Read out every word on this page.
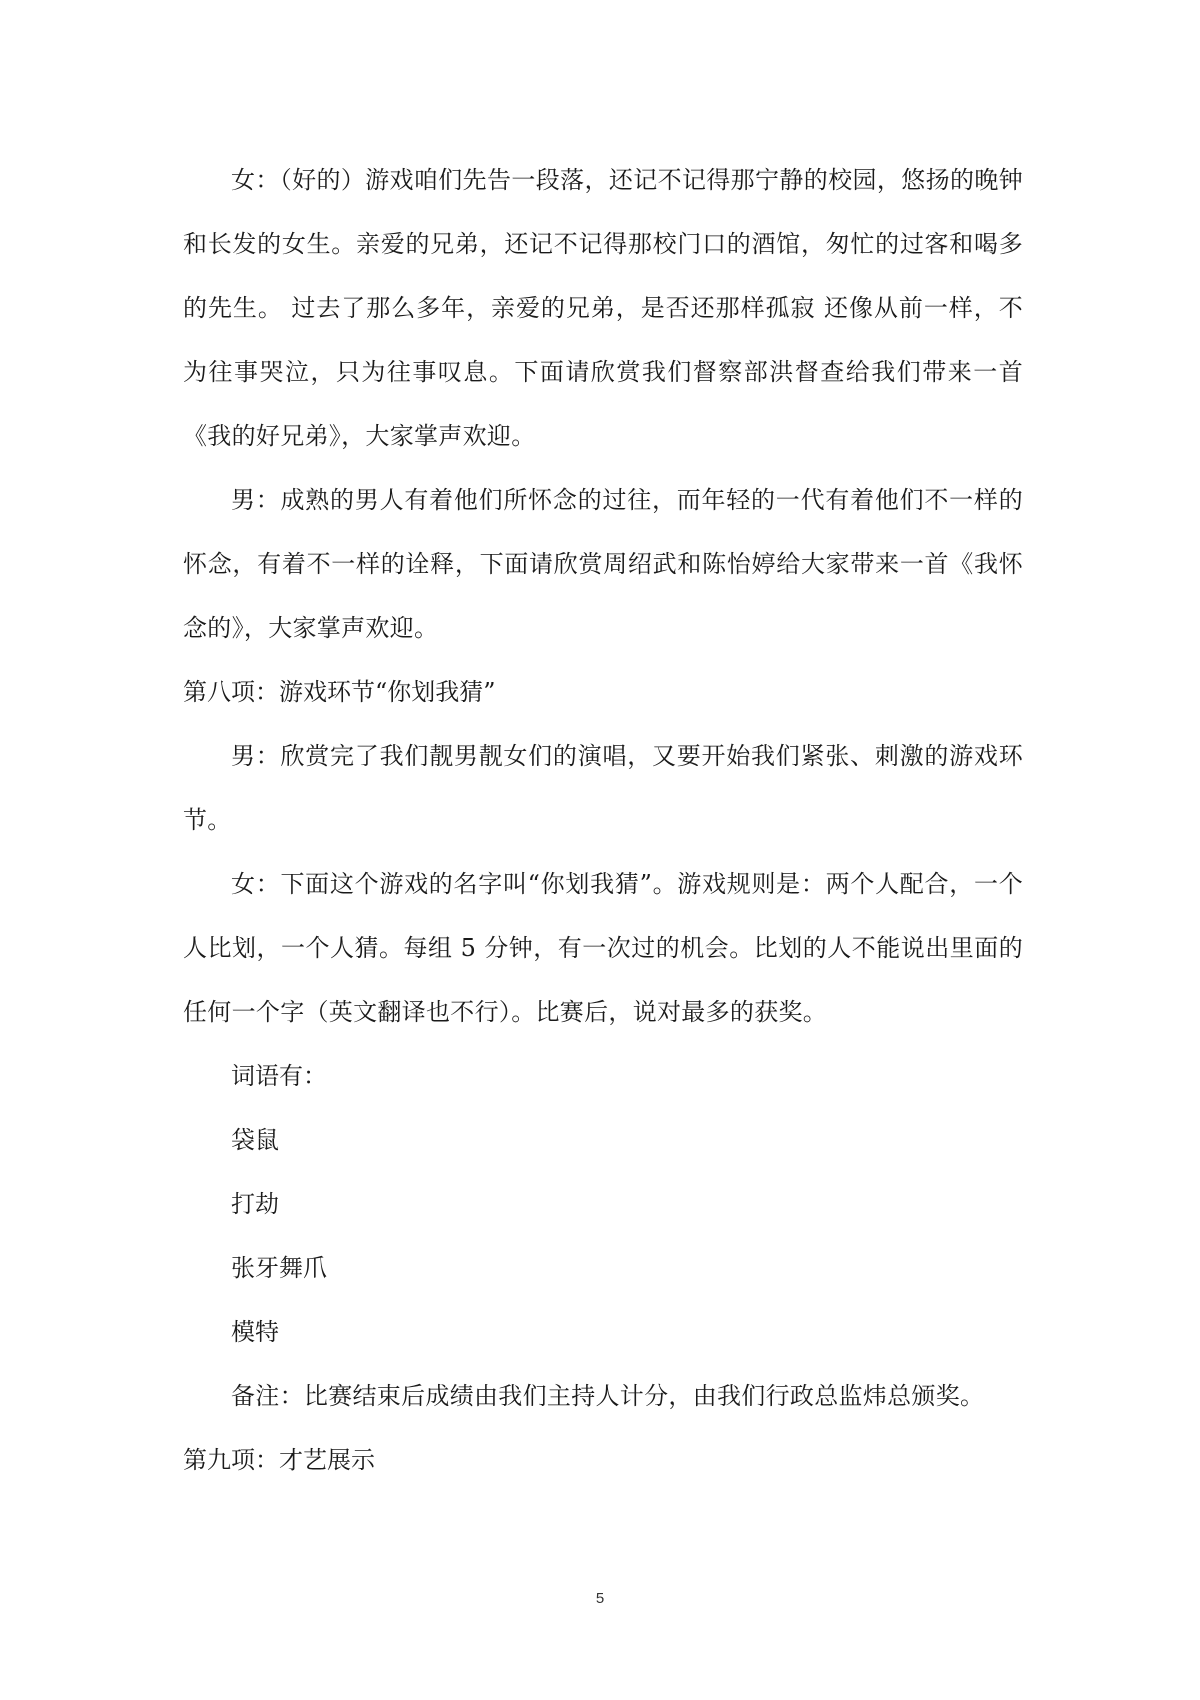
女：（好的）游戏咱们先告一段落，还记不记得那宁静的校园，悠扬的晚钟和长发的女生。亲爱的兄弟，还记不记得那校门口的酒馆，匆忙的过客和喝多的先生。 过去了那么多年，亲爱的兄弟，是否还那样孤寂 还像从前一样，不为往事哭泣，只为往事叹息。下面请欣赏我们督察部洪督查给我们带来一首《我的好兄弟》，大家掌声欢迎。

男：成熟的男人有着他们所怀念的过往，而年轻的一代有着他们不一样的怀念，有着不一样的诠释，下面请欣赏周绍武和陈怡婷给大家带来一首《我怀念的》，大家掌声欢迎。

第八项：游戏环节“你划我猜”

男：欣赏完了我们靓男靓女们的演唱，又要开始我们紧张、刺激的游戏环节。

女：下面这个游戏的名字叫“你划我猜”。游戏规则是：两个人配合，一个人比划，一个人猜。每组 5 分钟，有一次过的机会。比划的人不能说出里面的任何一个字（英文翻译也不行）。比赛后，说对最多的获奖。

词语有：

袋鼠

打劫

张牙舞爪

模特

备注：比赛结束后成绩由我们主持人计分，由我们行政总监炜总颁奖。

第九项：才艺展示

5
